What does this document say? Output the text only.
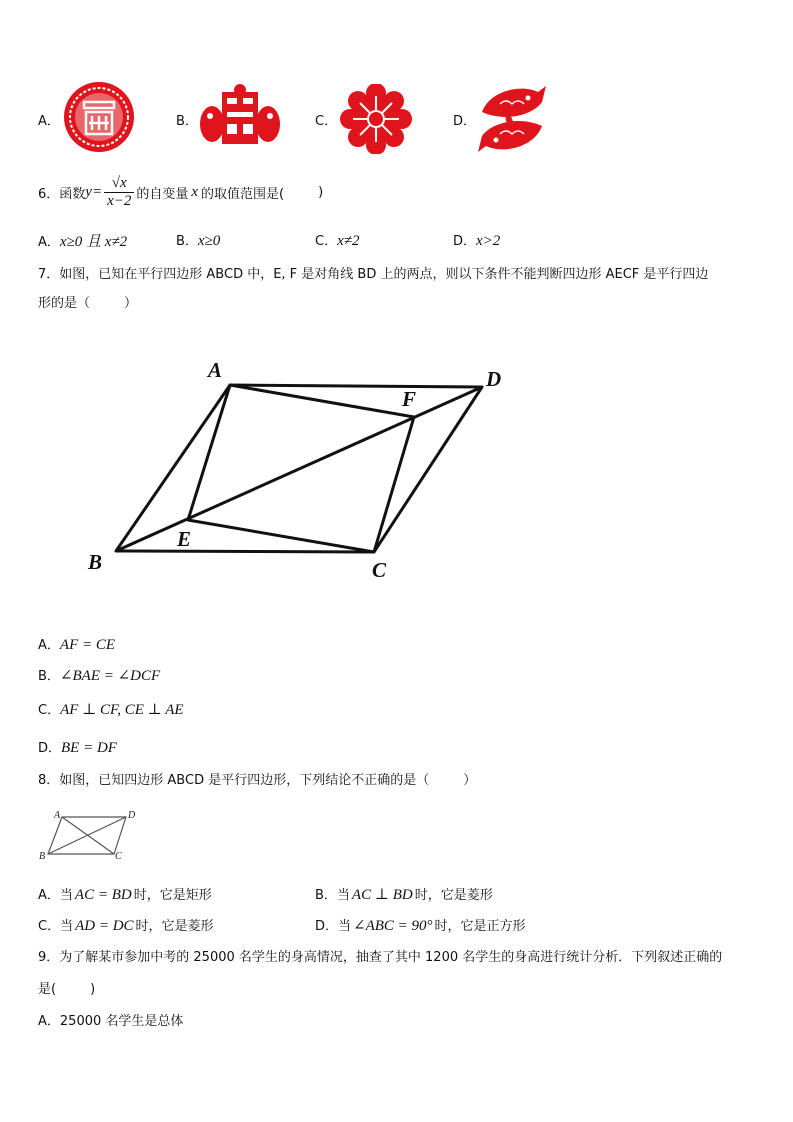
A．	B．	C．	D．
6．函数 $y= \frac{√x}{x-2}$ 的自变量 x 的取值范围是(	)
A．x≥0 且 x≠2	B．x≥0	C．x≠2	D．x>2
7．如图，已知在平行四边形 ABCD 中，E, F 是对角线 BD 上的两点，则以下条件不能判断四边形 AECF 是平行四边
形的是（	）
A	D
F
E
B	C
A．AF = CE
B．∠BAE = ∠DCF
C．AF ⊥ CF, CE ⊥ AE
D．BE = DF
8．如图，已知四边形 ABCD 是平行四边形，下列结论不正确的是（	）
A	D
B	C
A．当 AC = BD 时，它是矩形	B．当 AC ⊥ BD 时，它是菱形
C．当 AD = DC 时，它是菱形	D．当 ∠ABC = 90° 时，它是正方形
9．为了解某市参加中考的 25000 名学生的身高情况，抽查了其中 1200 名学生的身高进行统计分析．下列叙述正确的
是(	)
A．25000 名学生是总体
